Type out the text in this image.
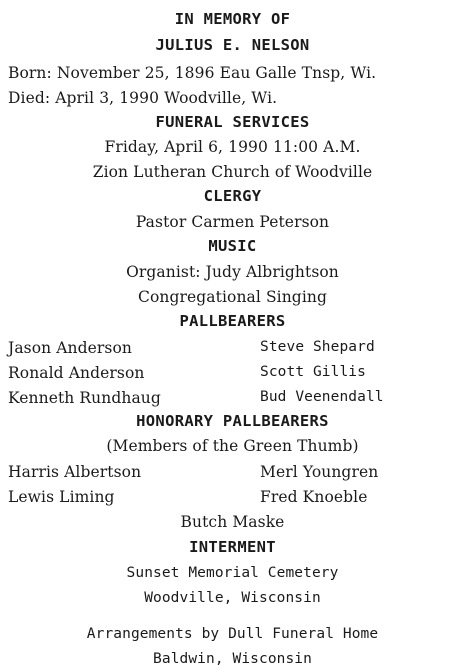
IN MEMORY OF
JULIUS E. NELSON
Born: November 25, 1896 Eau Galle Tnsp, Wi.
Died: April 3, 1990 Woodville, Wi.
FUNERAL SERVICES
Friday, April 6, 1990 11:00 A.M.
Zion Lutheran Church of Woodville
CLERGY
Pastor Carmen Peterson
MUSIC
Organist: Judy Albrightson
Congregational Singing
PALLBEARERS
Jason Anderson	Steve Shepard
Ronald Anderson	Scott Gillis
Kenneth Rundhaug	Bud Veenendall
HONORARY PALLBEARERS
(Members of the Green Thumb)
Harris Albertson	Merl Youngren
Lewis Liming	Fred Knoeble
Butch Maske
INTERMENT
Sunset Memorial Cemetery
Woodville, Wisconsin
Arrangements by Dull Funeral Home
Baldwin, Wisconsin
